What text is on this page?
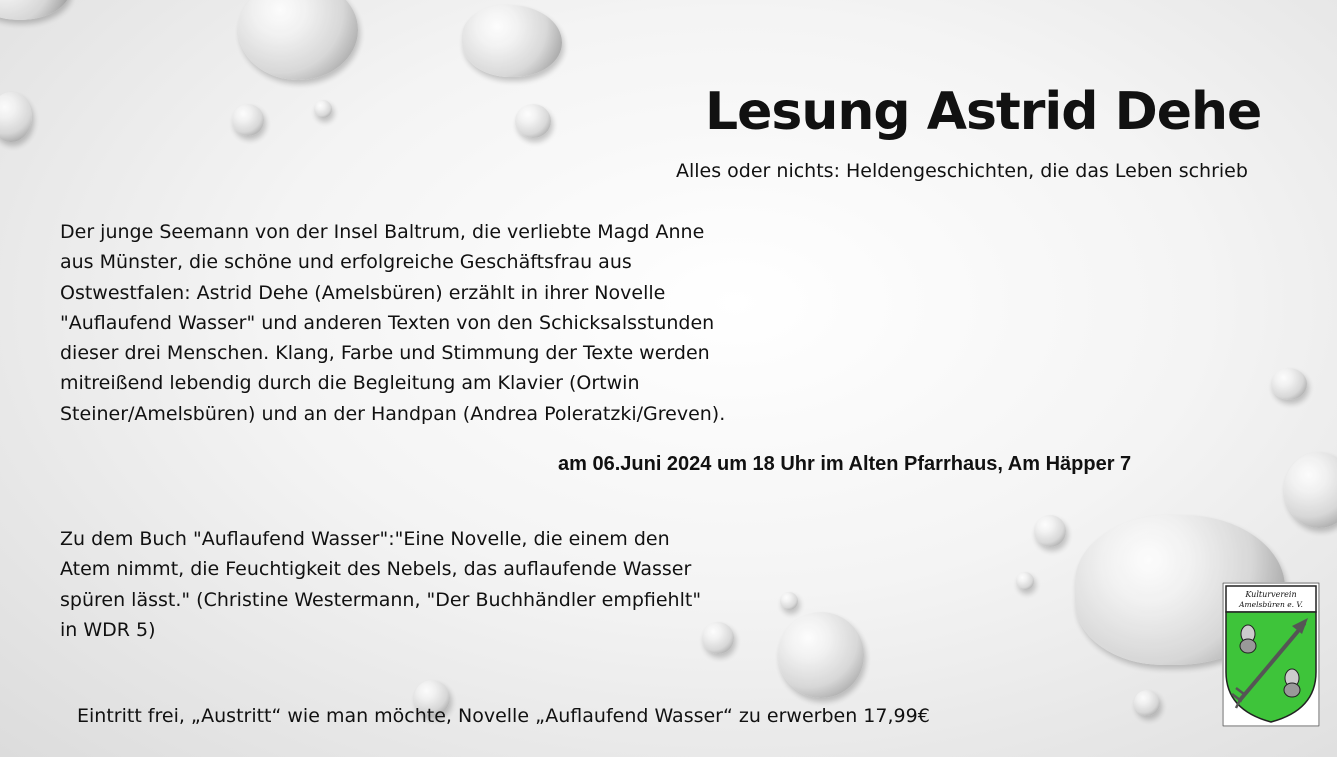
Lesung Astrid Dehe
Alles oder nichts: Heldengeschichten, die das Leben schrieb

Der junge Seemann von der Insel Baltrum, die verliebte Magd Anne aus Münster, die schöne und erfolgreiche Geschäftsfrau aus Ostwestfalen: Astrid Dehe (Amelsbüren) erzählt in ihrer Novelle "Auflaufend Wasser" und anderen Texten von den Schicksalsstunden dieser drei Menschen. Klang, Farbe und Stimmung der Texte werden mitreißend lebendig durch die Begleitung am Klavier (Ortwin Steiner/Amelsbüren) und an der Handpan (Andrea Poleratzki/Greven).

am 06.Juni 2024 um 18 Uhr im Alten Pfarrhaus, Am Häpper 7

Zu dem Buch "Auflaufend Wasser":"Eine Novelle, die einem den Atem nimmt, die Feuchtigkeit des Nebels, das auflaufende Wasser spüren lässt." (Christine Westermann, "Der Buchhändler empfiehlt" in WDR 5)

Eintritt frei, „Austritt“ wie man möchte, Novelle „Auflaufend Wasser“ zu erwerben 17,99€
Kulturverein
Amelsbüren e. V.
